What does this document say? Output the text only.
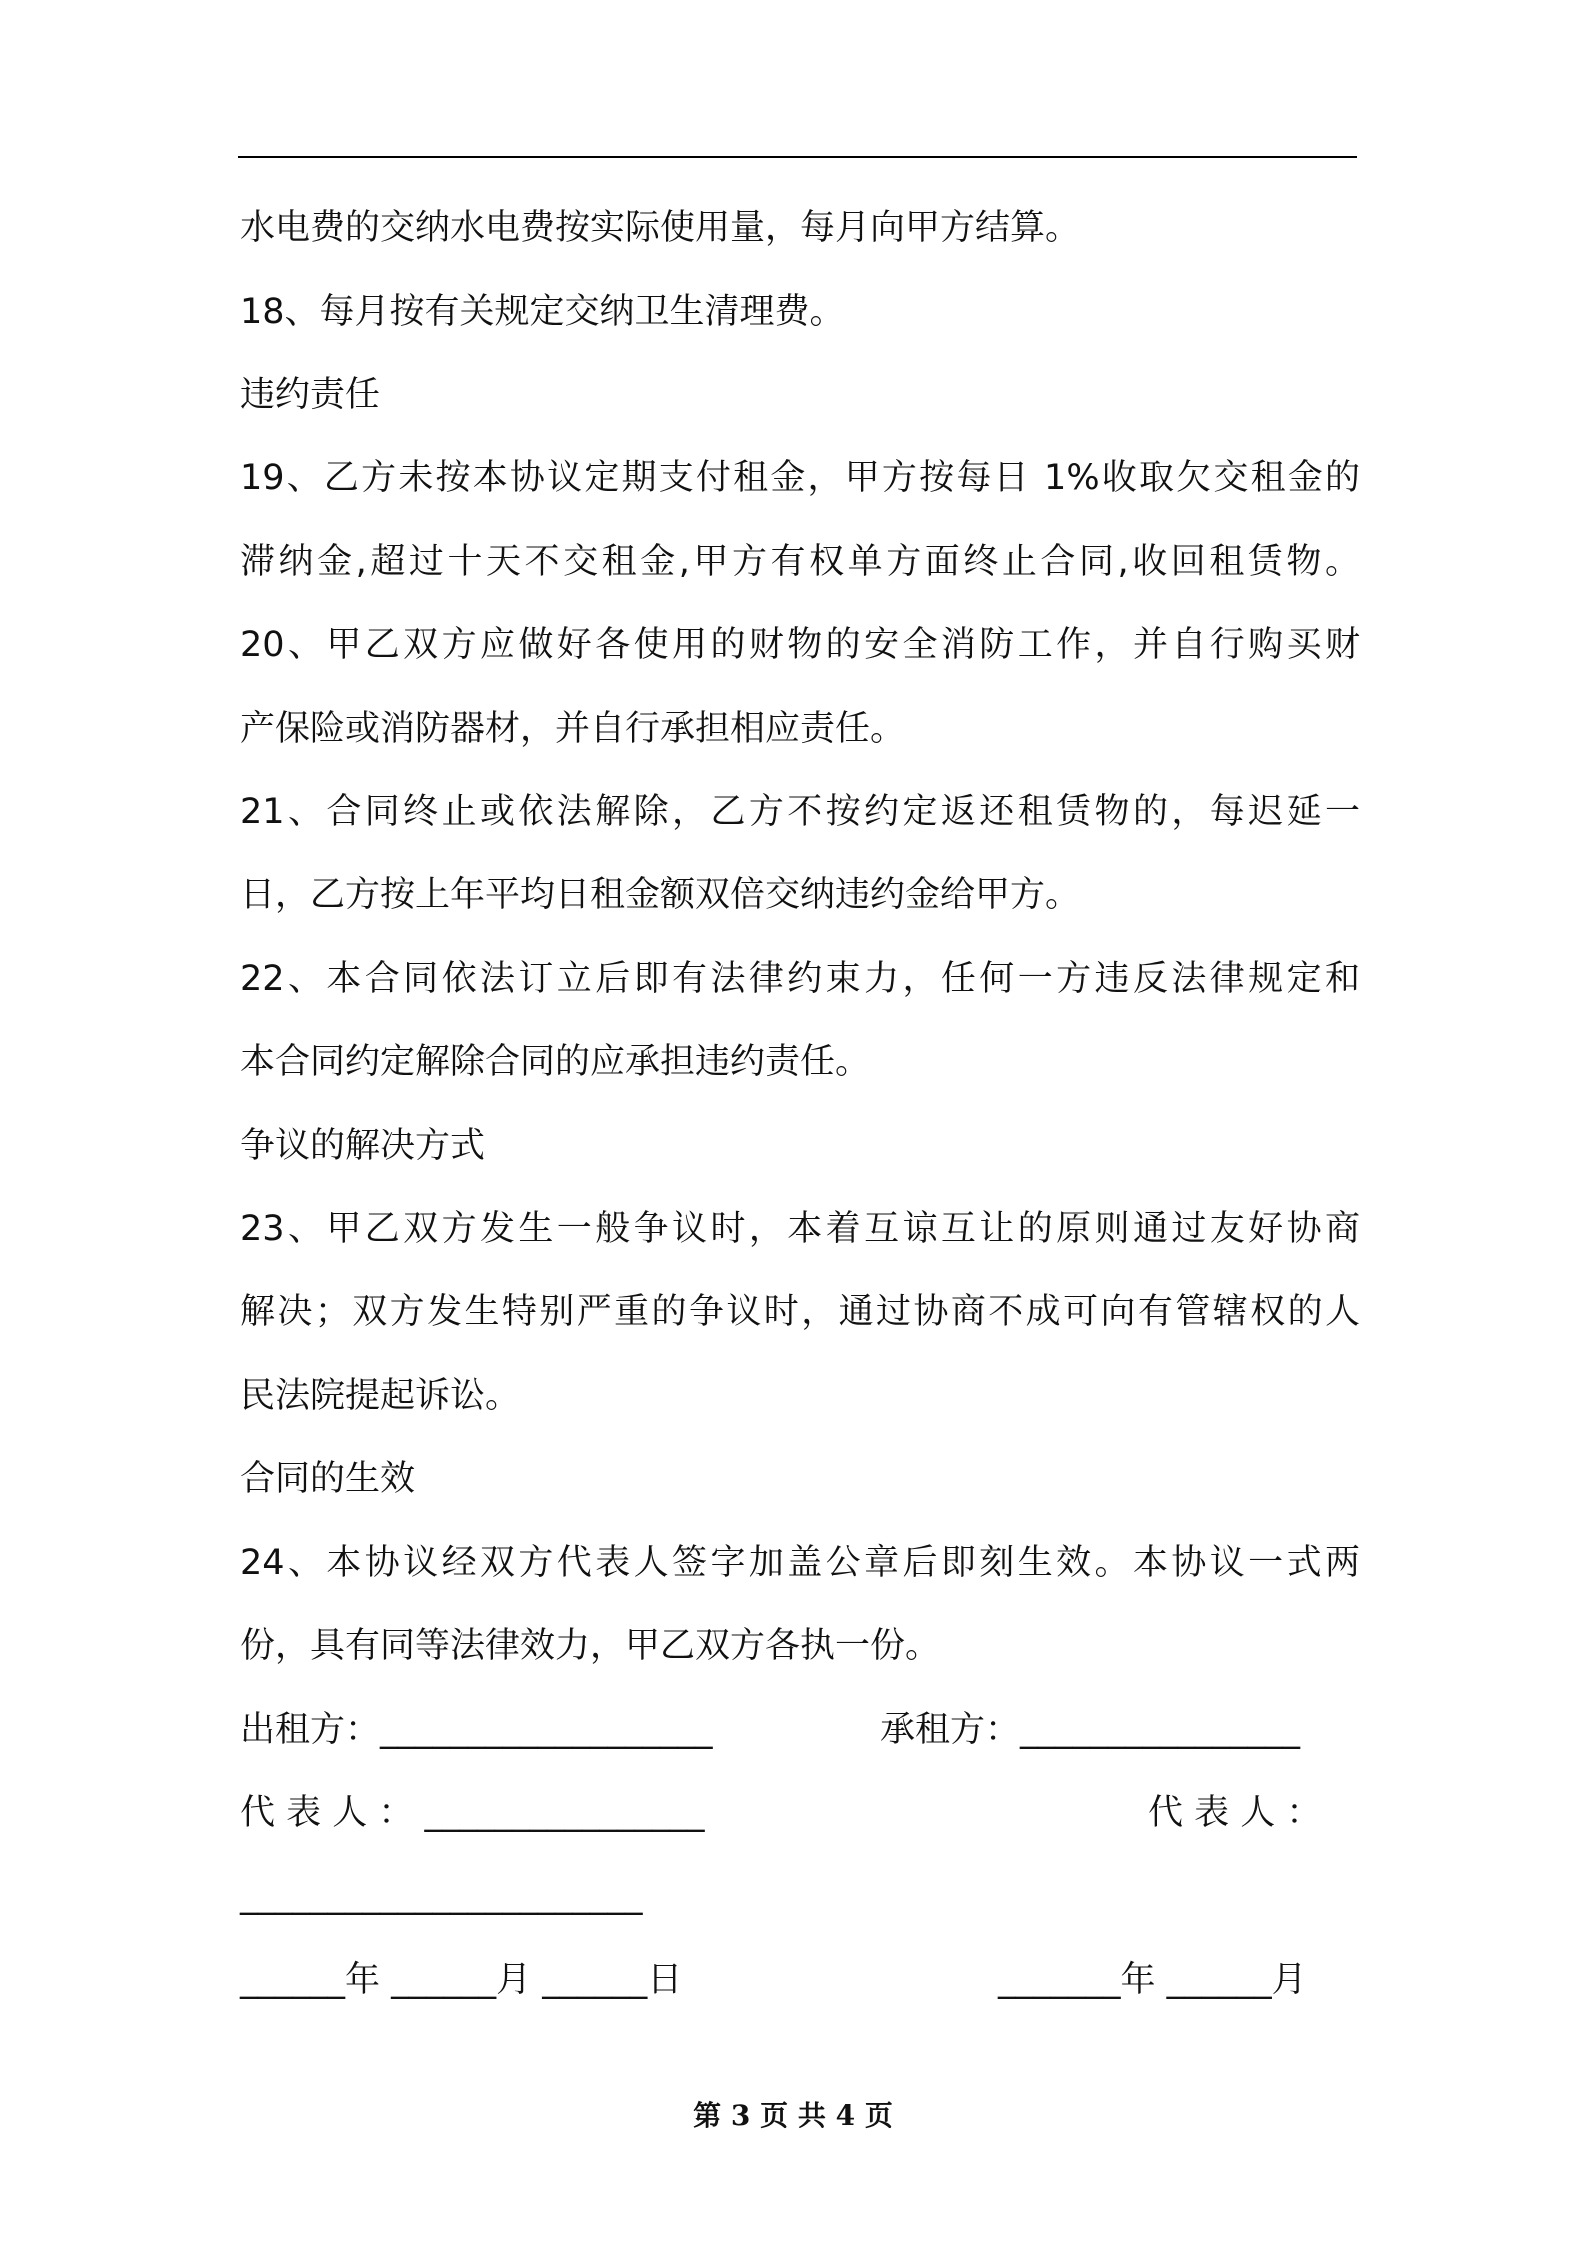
水电费的交纳水电费按实际使用量，每月向甲方结算。
18、每月按有关规定交纳卫生清理费。
违约责任
19、乙方未按本协议定期支付租金，甲方按每日 1%收取欠交租金的
滞纳金,超过十天不交租金,甲方有权单方面终止合同,收回租赁物。
20、甲乙双方应做好各使用的财物的安全消防工作，并自行购买财
产保险或消防器材，并自行承担相应责任。
21、合同终止或依法解除，乙方不按约定返还租赁物的，每迟延一
日，乙方按上年平均日租金额双倍交纳违约金给甲方。
22、本合同依法订立后即有法律约束力，任何一方违反法律规定和
本合同约定解除合同的应承担违约责任。
争议的解决方式
23、甲乙双方发生一般争议时，本着互谅互让的原则通过友好协商
解决；双方发生特别严重的争议时，通过协商不成可向有管辖权的人
民法院提起诉讼。
合同的生效
24、本协议经双方代表人签字加盖公章后即刻生效。本协议一式两
份，具有同等法律效力，甲乙双方各执一份。
出租方：___________________	承租方：________________
代 表 人 ： ________________	代 表 人 ：
_______________________
______年 ______月 ______日	_______年 ______月
第 3 页 共 4 页
